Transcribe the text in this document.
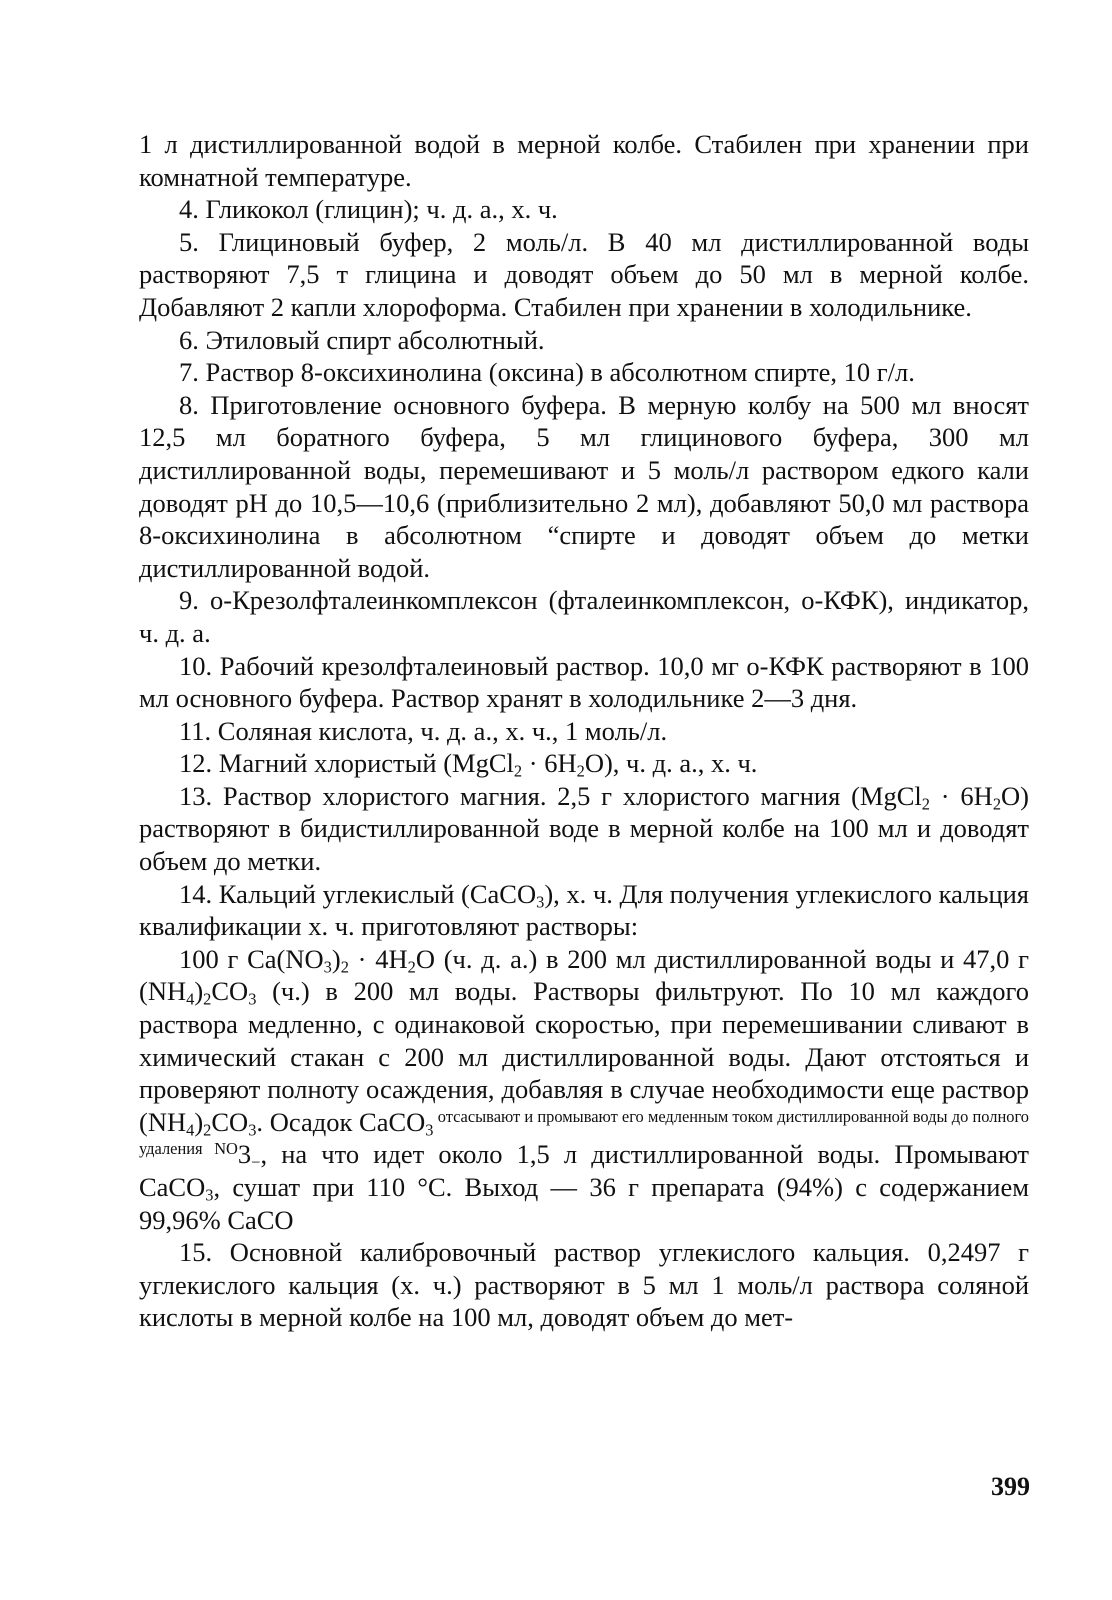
1 л дистиллированной водой в мерной колбе. Стабилен при хранении при комнатной температуре.

4. Гликокол (глицин); ч. д. а., х. ч.

5. Глициновый буфер, 2 моль/л. В 40 мл дистиллированной воды растворяют 7,5 т глицина и доводят объем до 50 мл в мерной колбе. Добавляют 2 капли хлороформа. Стабилен при хранении в холодильнике.

6. Этиловый спирт абсолютный.

7. Раствор 8-оксихинолина (оксина) в абсолютном спирте, 10 г/л.

8. Приготовление основного буфера. В мерную колбу на 500 мл вносят 12,5 мл боратного буфера, 5 мл глицинового буфера, 300 мл дистиллированной воды, перемешивают и 5 моль/л раствором едкого кали доводят pH до 10,5—10,6 (приблизительно 2 мл), добавляют 50,0 мл раствора 8-оксихинолина в абсолютном “спирте и доводят объем до метки дистиллированной водой.

9. о-Крезолфталеинкомплексон (фталеинкомплексон, о-КФК), индикатор, ч. д. а.

10. Рабочий крезолфталеиновый раствор. 10,0 мг о-КФК растворяют в 100 мл основного буфера. Раствор хранят в холодильнике 2—3 дня.

11. Соляная кислота, ч. д. а., х. ч., 1 моль/л.

12. Магний хлористый (MgCl$_2$ · $6H_2O$), ч. д. а., х. ч.

13. Раствор хлористого магния. 2,5 г хлористого магния (MgCl$_2$ · $6H_2O$) растворяют в бидистиллированной воде в мерной колбе на 100 мл и доводят объем до метки.

14. Кальций углекислый (CaCO$_3$), х. ч. Для получения углекислого кальция квалификации х. ч. приготовляют растворы:

100 г $Ca(NO_3)_2 \cdot 4H_2O$ (ч. д. а.) в 200 мл дистиллированной воды и 47,0 г $(NH_4)_2CO_3$ (ч.) в 200 мл воды. Растворы фильтруют. По 10 мл каждого раствора медленно, с одинаковой скоростью, при перемешивании сливают в химический стакан с 200 мл дистиллированной воды. Дают отстояться и проверяют полноту осаждения, добавляя в случае необходимости еще раствор $(NH_4)_2CO_3$. Осадок CaCO$_3$ $^{отсасывают и промывают его медленным током дистиллированной воды до полного удаления NO}3_-$, на что идет около 1,5 л дистиллированной воды. Промывают CaCO$_3$, сушат при 110 °C. Выход — 36 г препарата (94%) с содержанием 99,96% CaCO

15. Основной калибровочный раствор углекислого кальция. 0,2497 г углекислого кальция (х. ч.) растворяют в 5 мл 1 моль/л раствора соляной кислоты в мерной колбе на 100 мл, доводят объем до мет-

399
